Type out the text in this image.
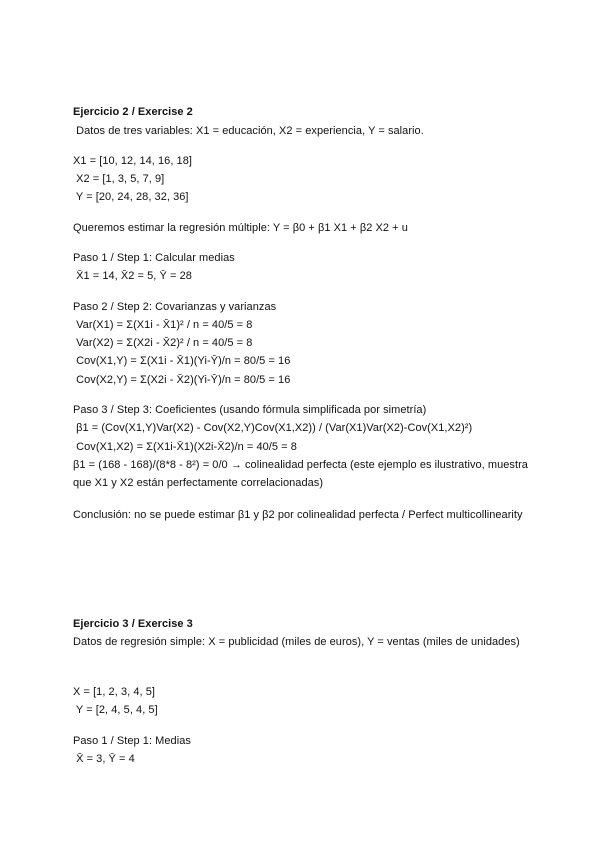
Ejercicio 2 / Exercise 2
Datos de tres variables: X1 = educación, X2 = experiencia, Y = salario.
X1 = [10, 12, 14, 16, 18]
X2 = [1, 3, 5, 7, 9]
Y = [20, 24, 28, 32, 36]
Queremos estimar la regresión múltiple: Y = β0 + β1 X1 + β2 X2 + u
Paso 1 / Step 1: Calcular medias
X̄1 = 14, X̄2 = 5, Ȳ = 28
Paso 2 / Step 2: Covarianzas y varianzas
Var(X1) = Σ(X1i - X̄1)² / n = 40/5 = 8
Var(X2) = Σ(X2i - X̄2)² / n = 40/5 = 8
Cov(X1,Y) = Σ(X1i - X̄1)(Yi-Ȳ)/n = 80/5 = 16
Cov(X2,Y) = Σ(X2i - X̄2)(Yi-Ȳ)/n = 80/5 = 16
Paso 3 / Step 3: Coeficientes (usando fórmula simplificada por simetría)
β1 = (Cov(X1,Y)Var(X2) - Cov(X2,Y)Cov(X1,X2)) / (Var(X1)Var(X2)-Cov(X1,X2)²)
Cov(X1,X2) = Σ(X1i-X̄1)(X2i-X̄2)/n = 40/5 = 8
β1 = (168 - 168)/(8*8 - 8²) = 0/0 → colinealidad perfecta (este ejemplo es ilustrativo, muestra que X1 y X2 están perfectamente correlacionadas)
Conclusión: no se puede estimar β1 y β2 por colinealidad perfecta / Perfect multicollinearity
Ejercicio 3 / Exercise 3
Datos de regresión simple: X = publicidad (miles de euros), Y = ventas (miles de unidades)
X = [1, 2, 3, 4, 5]
Y = [2, 4, 5, 4, 5]
Paso 1 / Step 1: Medias
X̄ = 3, Ȳ = 4
